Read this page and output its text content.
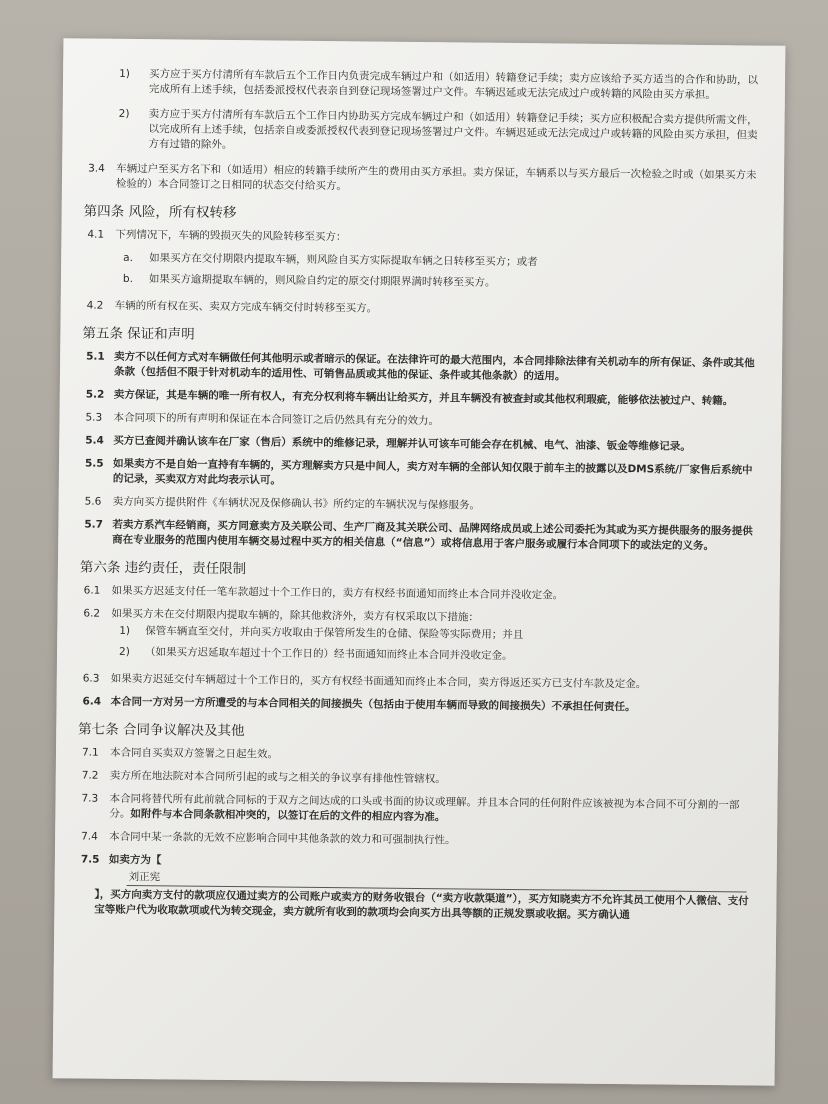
1)	买方应于买方付清所有车款后五个工作日内负责完成车辆过户和（如适用）转籍登记手续；卖方应该给予买方适当的合作和协助，以完成所有上述手续，包括委派授权代表亲自到登记现场签署过户文件。车辆迟延或无法完成过户或转籍的风险由买方承担。
2)	卖方应于买方付清所有车款后五个工作日内协助买方完成车辆过户和（如适用）转籍登记手续；买方应积极配合卖方提供所需文件，以完成所有上述手续，包括亲自或委派授权代表到登记现场签署过户文件。车辆迟延或无法完成过户或转籍的风险由买方承担，但卖方有过错的除外。
3.4	车辆过户至买方名下和（如适用）相应的转籍手续所产生的费用由买方承担。卖方保证，车辆系以与买方最后一次检验之时或（如果买方未检验的）本合同签订之日相同的状态交付给买方。
第四条 风险，所有权转移
4.1	下列情况下，车辆的毁损灭失的风险转移至买方：
a.	如果买方在交付期限内提取车辆，则风险自买方实际提取车辆之日转移至买方；或者
b.	如果买方逾期提取车辆的，则风险自约定的原交付期限界满时转移至买方。
4.2	车辆的所有权在买、卖双方完成车辆交付时转移至买方。
第五条 保证和声明
5.1 卖方不以任何方式对车辆做任何其他明示或者暗示的保证。在法律许可的最大范围内，本合同排除法律有关机动车的所有保证、条件或其他条款（包括但不限于针对机动车的适用性、可销售品质或其他的保证、条件或其他条款）的适用。
5.2 卖方保证，其是车辆的唯一所有权人，有充分权利将车辆出让给买方，并且车辆没有被查封或其他权利瑕疵，能够依法被过户、转籍。
5.3	本合同项下的所有声明和保证在本合同签订之后仍然具有充分的效力。
5.4 买方已查阅并确认该车在厂家（售后）系统中的维修记录，理解并认可该车可能会存在机械、电气、油漆、钣金等维修记录。
5.5 如果卖方不是自始一直持有车辆的，买方理解卖方只是中间人，卖方对车辆的全部认知仅限于前车主的披露以及DMS系统/厂家售后系统中的记录，买卖双方对此均表示认可。
5.6	卖方向买方提供附件《车辆状况及保修确认书》所约定的车辆状况与保修服务。
5.7 若卖方系汽车经销商，买方同意卖方及关联公司、生产厂商及其关联公司、品牌网络成员或上述公司委托为其或为买方提供服务的服务提供商在专业服务的范围内使用车辆交易过程中买方的相关信息（“信息”）或将信息用于客户服务或履行本合同项下的或法定的义务。
第六条 违约责任，责任限制
6.1	如果买方迟延支付任一笔车款超过十个工作日的，卖方有权经书面通知而终止本合同并没收定金。
6.2	如果买方未在交付期限内提取车辆的，除其他救济外，卖方有权采取以下措施：
1)	保管车辆直至交付，并向买方收取由于保管所发生的仓储、保险等实际费用；并且
2)	（如果买方迟延取车超过十个工作日的）经书面通知而终止本合同并没收定金。
6.3	如果卖方迟延交付车辆超过十个工作日的，买方有权经书面通知而终止本合同，卖方得返还买方已支付车款及定金。
6.4 本合同一方对另一方所遭受的与本合同相关的间接损失（包括由于使用车辆而导致的间接损失）不承担任何责任。
第七条 合同争议解决及其他
7.1	本合同自买卖双方签署之日起生效。
7.2	卖方所在地法院对本合同所引起的或与之相关的争议享有排他性管辖权。
7.3	本合同将替代所有此前就合同标的于双方之间达成的口头或书面的协议或理解。并且本合同的任何附件应该被视为本合同不可分割的一部分。如附件与本合同条款相冲突的，以签订在后的文件的相应内容为准。
7.4	本合同中某一条款的无效不应影响合同中其他条款的效力和可强制执行性。
7.5 如卖方为【
刘正宪
】，买方向卖方支付的款项应仅通过卖方的公司账户或卖方的财务收银台（“卖方收款渠道”），买方知晓卖方不允许其员工使用个人微信、支付宝等账户代为收取款项或代为转交现金，卖方就所有收到的款项均会向买方出具等额的正规发票或收据。买方确认通
